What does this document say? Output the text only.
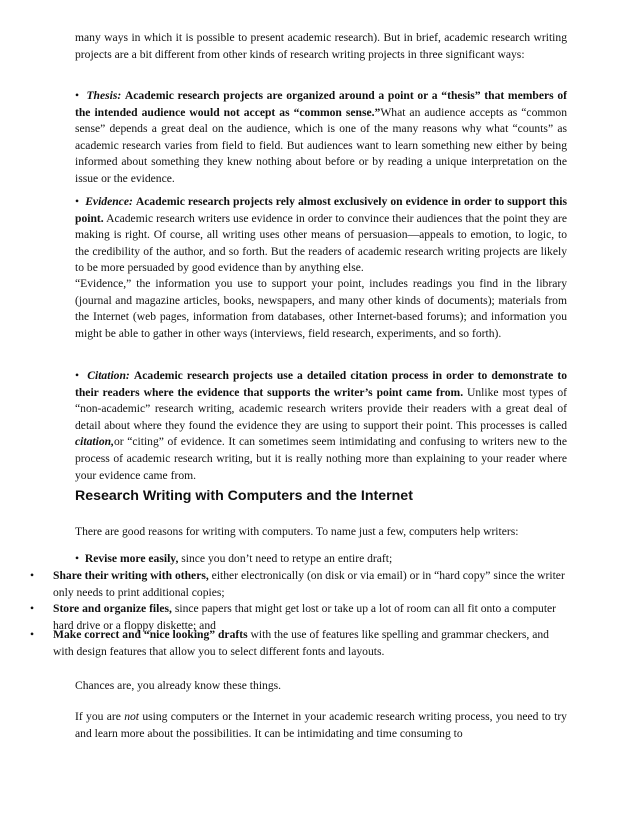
many ways in which it is possible to present academic research). But in brief, academic research writing projects are a bit different from other kinds of research writing projects in three significant ways:

• Thesis: Academic research projects are organized around a point or a “thesis” that members of the intended audience would not accept as “common sense.”What an audience accepts as “common sense” depends a great deal on the audience, which is one of the many reasons why what “counts” as academic research varies from field to field. But audiences want to learn something new either by being informed about something they knew nothing about before or by reading a unique interpretation on the issue or the evidence.

• Evidence: Academic research projects rely almost exclusively on evidence in order to support this point. Academic research writers use evidence in order to convince their audiences that the point they are making is right. Of course, all writing uses other means of persuasion—appeals to emotion, to logic, to the credibility of the author, and so forth. But the readers of academic research writing projects are likely to be more persuaded by good evidence than by anything else.

“Evidence,” the information you use to support your point, includes readings you find in the library (journal and magazine articles, books, newspapers, and many other kinds of documents); materials from the Internet (web pages, information from databases, other Internet-based forums); and information you might be able to gather in other ways (interviews, field research, experiments, and so forth).

• Citation: Academic research projects use a detailed citation process in order to demonstrate to their readers where the evidence that supports the writer’s point came from. Unlike most types of “non-academic” research writing, academic research writers provide their readers with a great deal of detail about where they found the evidence they are using to support their point. This processes is called citation,or “citing” of evidence. It can sometimes seem intimidating and confusing to writers new to the process of academic research writing, but it is really nothing more than explaining to your reader where your evidence came from.

Research Writing with Computers and the Internet

There are good reasons for writing with computers. To name just a few, computers help writers:

• Revise more easily, since you don’t need to retype an entire draft;

• Share their writing with others, either electronically (on disk or via email) or in “hard copy” since the writer only needs to print additional copies;
• Store and organize files, since papers that might get lost or take up a lot of room can all fit onto a computer hard drive or a floppy diskette; and
• Make correct and “nice looking” drafts with the use of features like spelling and grammar checkers, and with design features that allow you to select different fonts and layouts.

Chances are, you already know these things.

If you are not using computers or the Internet in your academic research writing process, you need to try and learn more about the possibilities. It can be intimidating and time consuming to
